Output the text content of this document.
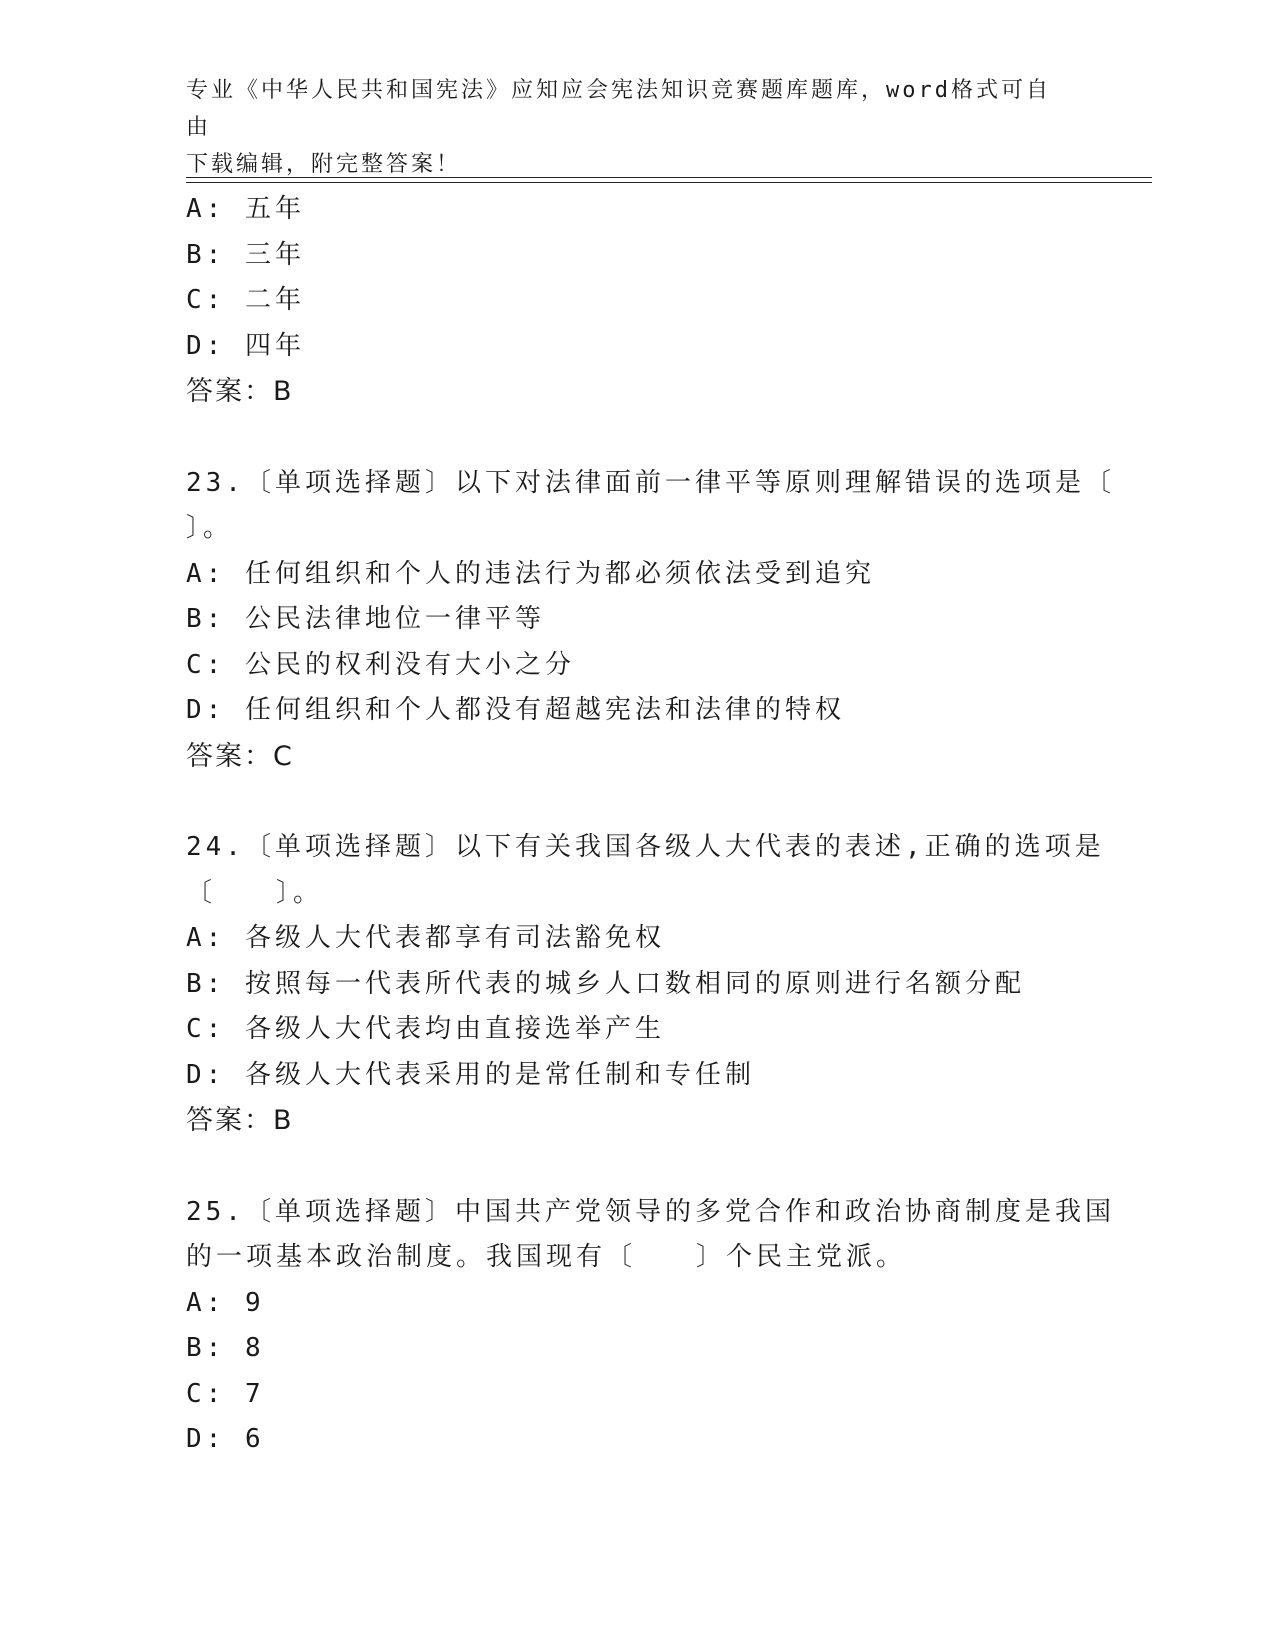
专业《中华人民共和国宪法》应知应会宪法知识竞赛题库题库，word格式可自由
下载编辑，附完整答案！
A: 五年
B: 三年
C: 二年
D: 四年
答案：B
23.〔单项选择题〕以下对法律面前一律平等原则理解错误的选项是〔
〕。
A: 任何组织和个人的违法行为都必须依法受到追究
B: 公民法律地位一律平等
C: 公民的权利没有大小之分
D: 任何组织和个人都没有超越宪法和法律的特权
答案：C
24.〔单项选择题〕以下有关我国各级人大代表的表述,正确的选项是
〔　　〕。
A: 各级人大代表都享有司法豁免权
B: 按照每一代表所代表的城乡人口数相同的原则进行名额分配
C: 各级人大代表均由直接选举产生
D: 各级人大代表采用的是常任制和专任制
答案：B
25.〔单项选择题〕中国共产党领导的多党合作和政治协商制度是我国
的一项基本政治制度。我国现有〔　　〕个民主党派。
A: 9
B: 8
C: 7
D: 6
